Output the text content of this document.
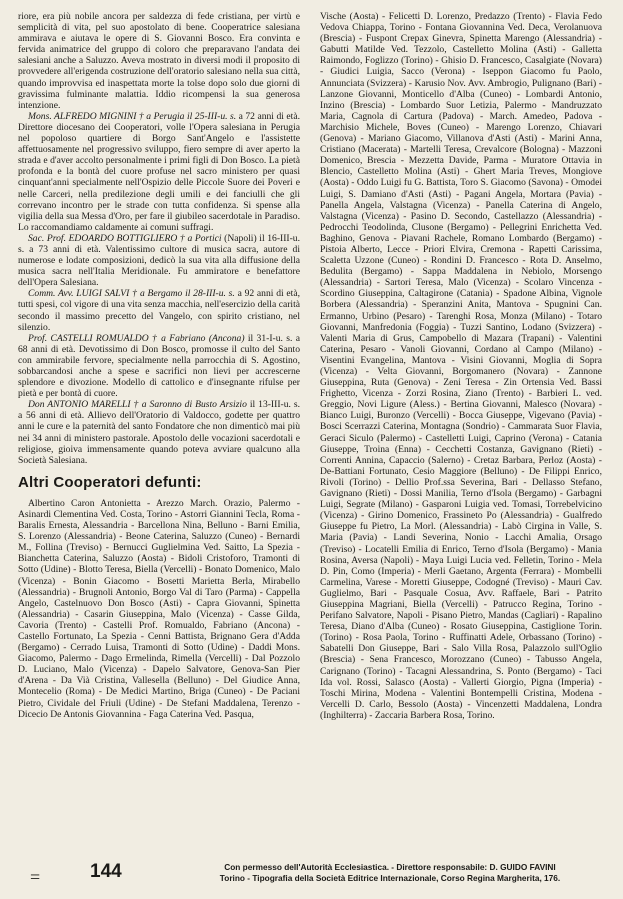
riore, era più nobile ancora per saldezza di fede cristiana, per virtù e semplicità di vita, pel suo apostolato di bene. Cooperatrice salesiana ammirava e aiutava le opere di S. Giovanni Bosco. Era convinta e fervida animatrice del gruppo di coloro che preparavano l'andata dei salesiani anche a Saluzzo. Aveva mostrato in diversi modi il proposito di provvedere all'erigenda costruzione dell'oratorio salesiano nella sua città, quando improvvisa ed inaspettata morte la tolse dopo solo due giorni di gravissima fulminante malattia. Iddio ricompensi la sua generosa intenzione.

Mons. ALFREDO MIGNINI † a Perugia il 25-III-u. s. a 72 anni di età. Direttore diocesano dei Cooperatori, volle l'Opera salesiana in Perugia nel popoloso quartiere di Borgo Sant'Angelo e l'assistette affettuosamente nel progressivo sviluppo, fiero sempre di aver aperto la strada e d'aver accolto personalmente i primi figli di Don Bosco. La pietà profonda e la bontà del cuore profuse nel sacro ministero per quasi cinquant'anni specialmente nell'Ospizio delle Piccole Suore dei Poveri e nelle Carceri, nella predilezione degli umili e dei fanciulli che gli correvano incontro per le strade con tutta confidenza. Si spense alla vigilia della sua Messa d'Oro, per fare il giubileo sacerdotale in Paradiso. Lo raccomandiamo caldamente ai comuni suffragi.

Sac. Prof. EDOARDO BOTTIGLIERO † a Portici (Napoli) il 16-III-u. s. a 73 anni di età. Valentissimo cultore di musica sacra, autore di numerose e lodate composizioni, dedicò la sua vita alla diffusione della musica sacra nell'Italia Meridionale. Fu ammiratore e benefattore dell'Opera Salesiana.

Comm. Avv. LUIGI SALVI † a Bergamo il 28-III-u. s. a 92 anni di età, tutti spesi, col vigore di una vita senza macchia, nell'esercizio della carità secondo il massimo precetto del Vangelo, con spirito cristiano, nel silenzio.

Prof. CASTELLI ROMUALDO † a Fabriano (Ancona) il 31-I-u. s. a 68 anni di età. Devotissimo di Don Bosco, promosse il culto del Santo con ammirabile fervore, specialmente nella parrocchia di S. Agostino, sobbarcandosi anche a spese e sacrifici non lievi per accrescerne splendore e divozione. Modello di cattolico e d'insegnante rifulse per pietà e per bontà di cuore.

Don ANTONIO MARELLI † a Saronno di Busto Arsizio il 13-III-u. s. a 56 anni di età. Allievo dell'Oratorio di Valdocco, godette per quattro anni le cure e la paternità del santo Fondatore che non dimenticò mai più nei 34 anni di ministero pastorale. Apostolo delle vocazioni sacerdotali e religiose, gioiva immensamente quando poteva avviare qualcuno alla Società Salesiana.

Altri Cooperatori defunti:

Albertino Caron Antonietta - Arezzo March. Orazio, Palermo - Asinardi Clementina Ved. Costa, Torino - Astorri Giannini Tecla, Roma - Baralis Ernesta, Alessandria - Barcellona Nina, Belluno - Barni Emilia, S. Lorenzo (Alessandria) - Beone Caterina, Saluzzo (Cuneo) - Bernardi M., Follina (Treviso) - Bernucci Guglielmina Ved. Saitto, La Spezia - Bianchetta Caterina, Saluzzo (Aosta) - Bidoli Cristoforo, Tramonti di Sotto (Udine) - Blotto Teresa, Biella (Vercelli) - Bonato Domenico, Malo (Vicenza) - Bonin Giacomo - Bosetti Marietta Berla, Mirabello (Alessandria) - Brugnoli Antonio, Borgo Val di Taro (Parma) - Cappella Angelo, Castelnuovo Don Bosco (Asti) - Capra Giovanni, Spinetta (Alessandria) - Casarin Giuseppina, Malo (Vicenza) - Casse Gilda, Cavoria (Trento) - Castelli Prof. Romualdo, Fabriano (Ancona) - Castello Fortunato, La Spezia - Cenni Battista, Brignano Gera d'Adda (Bergamo) - Cerrado Luisa, Tramonti di Sotto (Udine) - Daddi Mons. Giacomo, Palermo - Dago Ermelinda, Rimella (Vercelli) - Dal Pozzolo D. Luciano, Malo (Vicenza) - Dapelo Salvatore, Genova-San Pier d'Arena - Da Vià Cristina, Vallesella (Belluno) - Del Giudice Anna, Montecelio (Roma) - De Medici Martino, Briga (Cuneo) - De Paciani Pietro, Cividale del Friuli (Udine) - De Stefani Maddalena, Terenzo - Dicecio De Antonis Giovannina - Faga Caterina Ved. Pasqua,

Vische (Aosta) - Felicetti D. Lorenzo, Predazzo (Trento) - Flavia Fedo Vedova Chiappa, Torino - Fontana Giovannina Ved. Deca, Verolanuova (Brescia) - Fuspont Crepax Ginevra, Spinetta Marengo (Alessandria) - Gabutti Matilde Ved. Tezzolo, Castelletto Molina (Asti) - Galletta Raimondo, Foglizzo (Torino) - Ghisio D. Francesco, Casalgiate (Novara) - Giudici Luigia, Sacco (Verona) - Iseppon Giacomo fu Paolo, Annunciata (Svizzera) - Karusio Nov. Avv. Ambrogio, Pulignano (Bari) - Lanzone Giovanni, Monticello d'Alba (Cuneo) - Lombardi Antonio, Inzino (Brescia) - Lombardo Suor Letizia, Palermo - Mandruzzato Maria, Cagnola di Cartura (Padova) - March. Amedeo, Padova - Marchisio Michele, Boves (Cuneo) - Marengo Lorenzo, Chiavari (Genova) - Mariano Giacomo, Villanova d'Asti (Asti) - Marini Anna, Cristiano (Macerata) - Martelli Teresa, Crevalcore (Bologna) - Mazzoni Domenico, Brescia - Mezzetta Davide, Parma - Muratore Ottavia in Blencio, Castelletto Molina (Asti) - Ghert Maria Treves, Mongiove (Aosta) - Oddo Luigi fu G. Battista, Toro S. Giacomo (Savona) - Omodei Luigi, S. Damiano d'Asti (Asti) - Pagani Angela, Mortara (Pavia) - Panella Angela, Valstagna (Vicenza) - Panella Caterina di Angelo, Valstagna (Vicenza) - Pasino D. Secondo, Castellazzo (Alessandria) - Pedrocchi Teodolinda, Clusone (Bergamo) - Pellegrini Enrichetta Ved. Baghino, Genova - Piavani Rachele, Romano Lombardo (Bergamo) - Pistoia Alberto, Lecce - Priori Elvira, Cremona - Rapetti Carissima, Scaletta Uzzone (Cuneo) - Rondini D. Francesco - Rota D. Anselmo, Bedulita (Bergamo) - Sappa Maddalena in Nebiolo, Morsengo (Alessandria) - Sartori Teresa, Malo (Vicenza) - Scolaro Vincenza - Scordino Giuseppina, Caltagirone (Catania) - Spadone Albina, Vignole Borbera (Alessandria) - Speranzini Anita, Mantova - Spugnini Can. Ermanno, Urbino (Pesaro) - Tarenghi Rosa, Monza (Milano) - Totaro Giovanni, Manfredonia (Foggia) - Tuzzi Santino, Lodano (Svizzera) - Valenti Maria di Grus, Campobello di Mazara (Trapani) - Valentini Caterina, Pesaro - Vanoli Giovanni, Cordano al Campo (Milano) - Visentini Evangelina, Mantova - Visini Giovanni, Moglia di Sopra (Vicenza) - Velta Giovanni, Borgomanero (Novara) - Zannone Giuseppina, Ruta (Genova) - Zeni Teresa - Zin Ortensia Ved. Bassi Frighetto, Vicenza - Zorzi Rosina, Ziano (Trento) - Barbieri L. ved. Greggio, Novi Ligure (Aless.) - Bertina Giovanni, Malesco (Novara) - Bianco Luigi, Buronzo (Vercelli) - Bocca Giuseppe, Vigevano (Pavia) - Bosci Scerrazzi Caterina, Montagna (Sondrio) - Cammarata Suor Flavia, Geraci Siculo (Palermo) - Castelletti Luigi, Caprino (Verona) - Catania Giuseppe, Troina (Enna) - Cecchetti Costanza, Gavignano (Rieti) - Correnti Annina, Capaccio (Salerno) - Cretaz Barbara, Perloz (Aosta) - De-Battiani Fortunato, Cesio Maggiore (Belluno) - De Filippi Enrico, Rivoli (Torino) - Dellio Prof.ssa Severina, Bari - Dellasso Stefano, Gavignano (Rieti) - Dossi Manilia, Terno d'Isola (Bergamo) - Garbagni Luigi, Segrate (Milano) - Gasparoni Luigia ved. Tomasi, Torrebelvicino (Vicenza) - Girino Domenico, Frassineto Po (Alessandria) - Gualfredo Giuseppe fu Pietro, La Morl. (Alessandria) - Labò Cirgina in Valle, S. Maria (Pavia) - Landi Severina, Nonio - Lacchi Amalia, Orsago (Treviso) - Locatelli Emilia di Enrico, Terno d'Isola (Bergamo) - Mania Rosina, Aversa (Napoli) - Maya Luigi Lucia ved. Felletin, Torino - Mela D. Pin, Como (Imperia) - Merli Gaetano, Argenta (Ferrara) - Mombelli Carmelina, Varese - Moretti Giuseppe, Codogné (Treviso) - Mauri Cav. Guglielmo, Bari - Pasquale Cosua, Avv. Raffaele, Bari - Patrito Giuseppina Magriani, Biella (Vercelli) - Patrucco Regina, Torino - Perifano Salvatore, Napoli - Pisano Pietro, Mandas (Cagliari) - Rapalino Teresa, Diano d'Alba (Cuneo) - Rosato Giuseppina, Castiglione Torin. (Torino) - Rosa Paola, Torino - Ruffinatti Adele, Orbassano (Torino) - Sabatelli Don Giuseppe, Bari - Salo Villa Rosa, Palazzolo sull'Oglio (Brescia) - Sena Francesco, Morozzano (Cuneo) - Tabusso Angela, Carignano (Torino) - Tacagni Alessandrina, S. Ponto (Bergamo) - Taci Ida vol. Rossi, Salasco (Aosta) - Vallerti Giorgio, Pigna (Imperia) - Toschi Mirina, Modena - Valentini Bontempelli Cristina, Modena - Vercelli D. Carlo, Bessolo (Aosta) - Vincenzetti Maddalena, Londra (Inghilterra) - Zaccaria Barbera Rosa, Torino.

=	144	Con permesso dell'Autorità Ecclesiastica. - Direttore responsabile: D. GUIDO FAVINI
Torino - Tipografia della Società Editrice Internazionale, Corso Regina Margherita, 176.
